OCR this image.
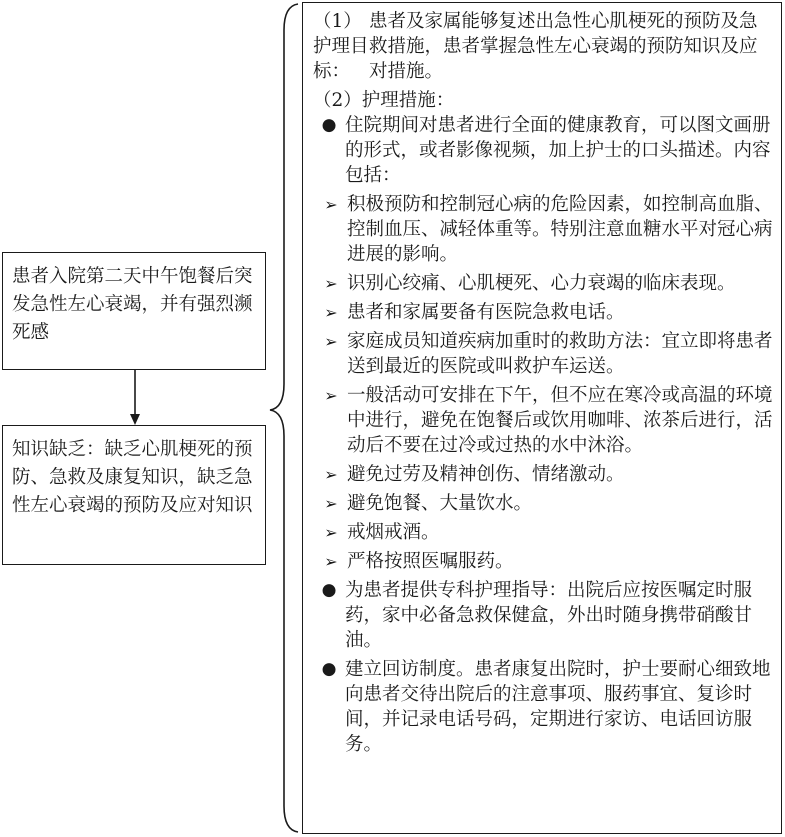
患者入院第二天中午饱餐后突发急性左心衰竭，并有强烈濒死感
知识缺乏：缺乏心肌梗死的预防、急救及康复知识，缺乏急性左心衰竭的预防及应对知识
（1）护理目标：
患者及家属能够复述出急性心肌梗死的预防及急救措施，患者掌握急性左心衰竭的预防知识及应对措施。
（2）护理措施：
● 住院期间对患者进行全面的健康教育，可以图文画册的形式，或者影像视频，加上护士的口头描述。内容包括：
➢ 积极预防和控制冠心病的危险因素，如控制高血脂、控制血压、减轻体重等。特别注意血糖水平对冠心病进展的影响。
➢ 识别心绞痛、心肌梗死、心力衰竭的临床表现。
➢ 患者和家属要备有医院急救电话。
➢ 家庭成员知道疾病加重时的救助方法：宜立即将患者送到最近的医院或叫救护车运送。
➢ 一般活动可安排在下午，但不应在寒冷或高温的环境中进行，避免在饱餐后或饮用咖啡、浓茶后进行，活动后不要在过冷或过热的水中沐浴。
➢ 避免过劳及精神创伤、情绪激动。
➢ 避免饱餐、大量饮水。
➢ 戒烟戒酒。
➢ 严格按照医嘱服药。
● 为患者提供专科护理指导：出院后应按医嘱定时服药，家中必备急救保健盒，外出时随身携带硝酸甘油。
● 建立回访制度。患者康复出院时，护士要耐心细致地向患者交待出院后的注意事项、服药事宜、复诊时间，并记录电话号码，定期进行家访、电话回访服务。
